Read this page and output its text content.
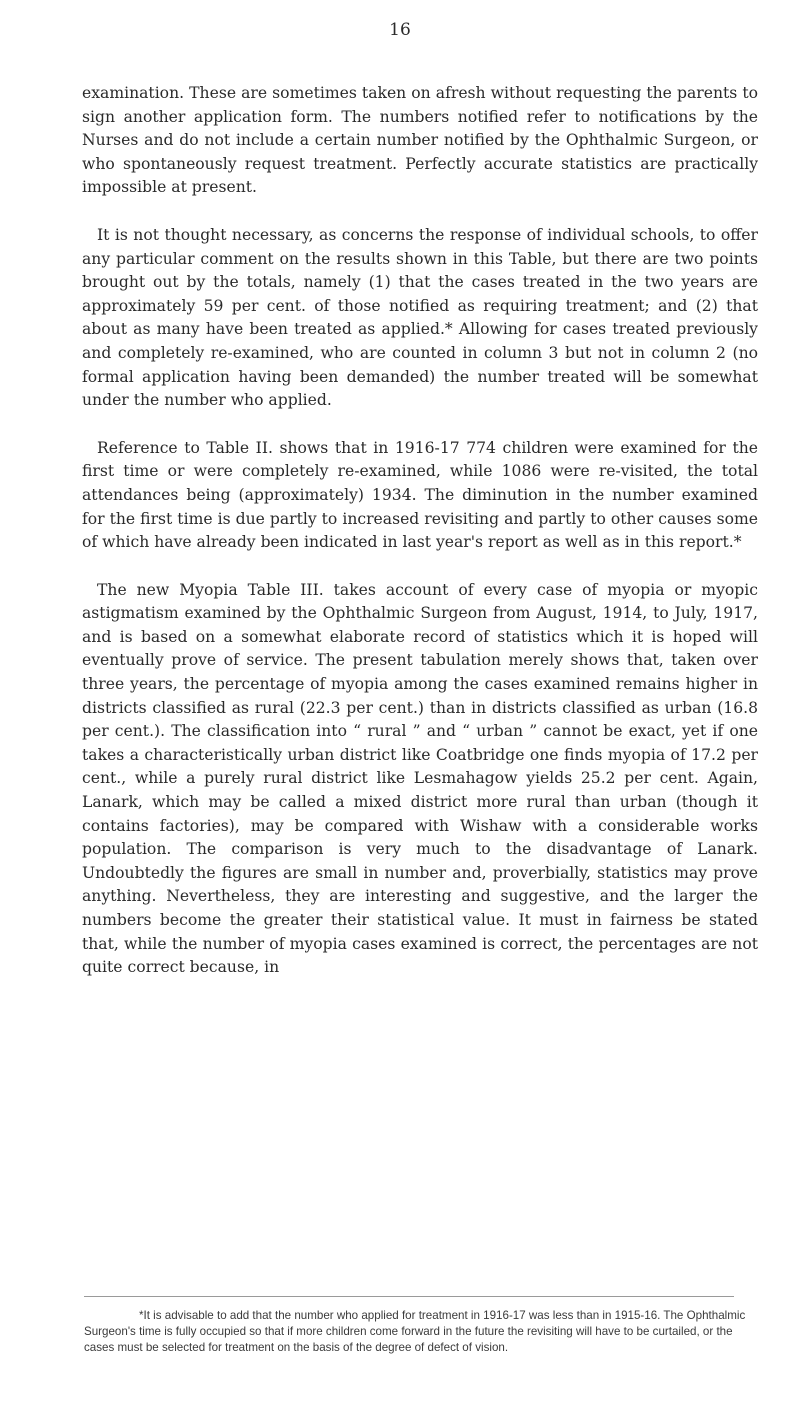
16

examination. These are sometimes taken on afresh without requesting the parents to sign another application form. The numbers notified refer to notifications by the Nurses and do not include a certain number notified by the Ophthalmic Surgeon, or who spontaneously request treatment. Perfectly accurate statistics are practically impossible at present.

It is not thought necessary, as concerns the response of individual schools, to offer any particular comment on the results shown in this Table, but there are two points brought out by the totals, namely (1) that the cases treated in the two years are approximately 59 per cent. of those notified as requiring treatment; and (2) that about as many have been treated as applied.* Allowing for cases treated previously and completely re-examined, who are counted in column 3 but not in column 2 (no formal application having been demanded) the number treated will be somewhat under the number who applied.

Reference to Table II. shows that in 1916-17 774 children were examined for the first time or were completely re-examined, while 1086 were re-visited, the total attendances being (approximately) 1934. The diminution in the number examined for the first time is due partly to increased revisiting and partly to other causes some of which have already been indicated in last year's report as well as in this report.*

The new Myopia Table III. takes account of every case of myopia or myopic astigmatism examined by the Ophthalmic Surgeon from August, 1914, to July, 1917, and is based on a somewhat elaborate record of statistics which it is hoped will eventually prove of service. The present tabulation merely shows that, taken over three years, the percentage of myopia among the cases examined remains higher in districts classified as rural (22.3 per cent.) than in districts classified as urban (16.8 per cent.). The classification into “ rural ” and “ urban ” cannot be exact, yet if one takes a characteristically urban district like Coatbridge one finds myopia of 17.2 per cent., while a purely rural district like Lesmahagow yields 25.2 per cent. Again, Lanark, which may be called a mixed district more rural than urban (though it contains factories), may be compared with Wishaw with a considerable works population. The comparison is very much to the disadvantage of Lanark. Undoubtedly the figures are small in number and, proverbially, statistics may prove anything. Nevertheless, they are interesting and suggestive, and the larger the numbers become the greater their statistical value. It must in fairness be stated that, while the number of myopia cases examined is correct, the percentages are not quite correct because, in

*It is advisable to add that the number who applied for treatment in 1916-17 was less than in 1915-16. The Ophthalmic Surgeon's time is fully occupied so that if more children come forward in the future the revisiting will have to be curtailed, or the cases must be selected for treatment on the basis of the degree of defect of vision.
